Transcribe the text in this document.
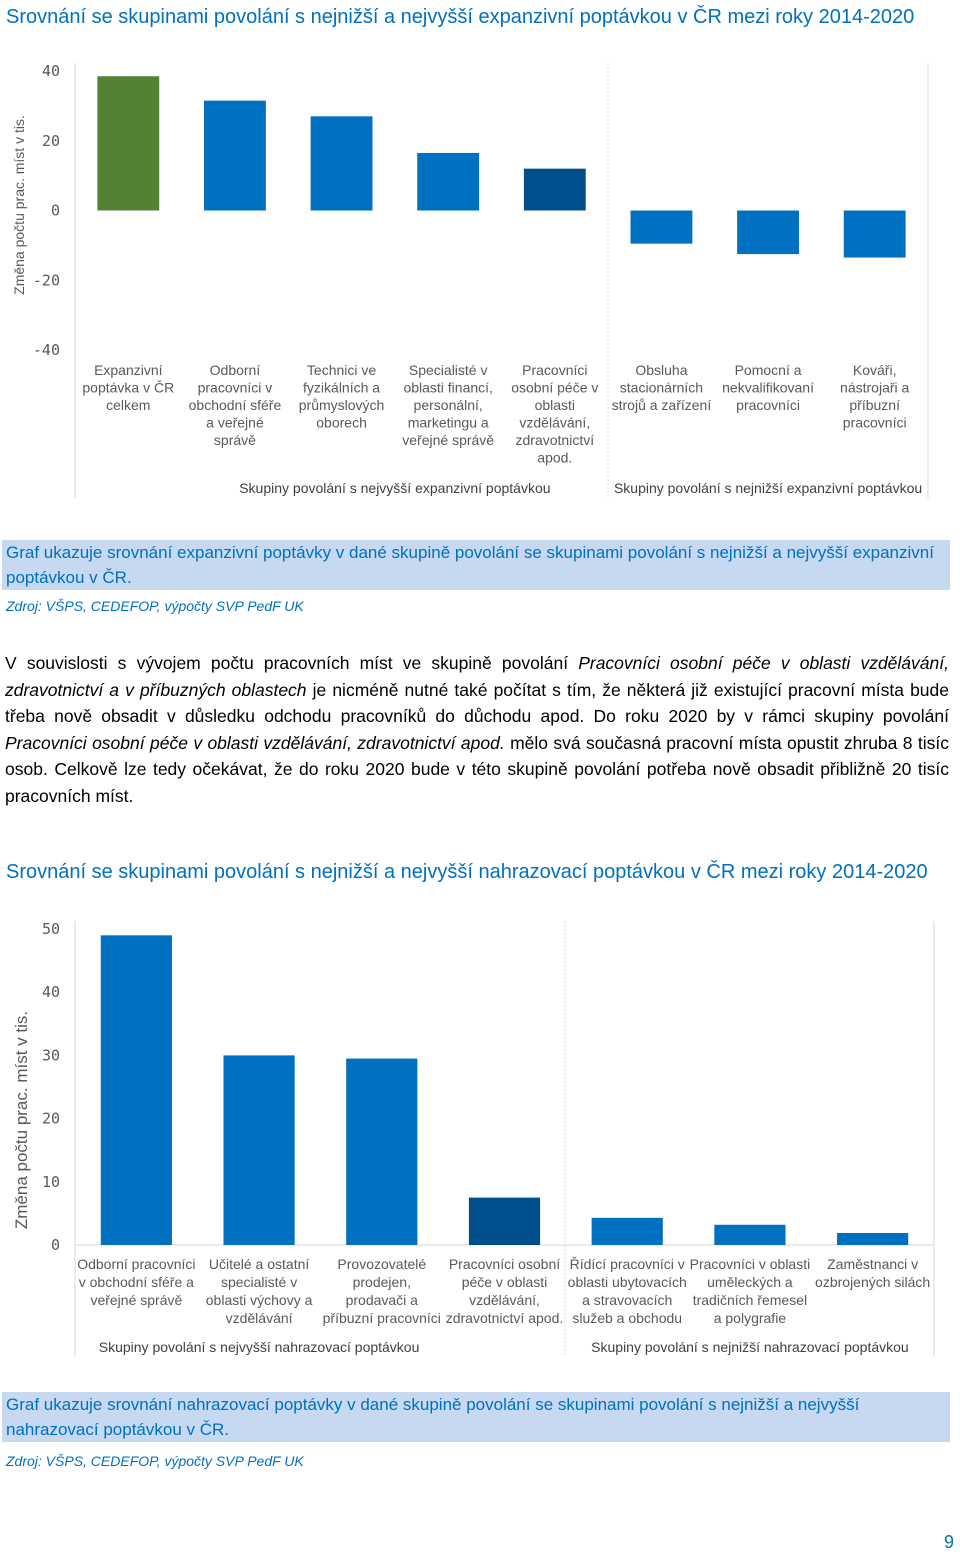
Srovnání se skupinami povolání s nejnižší a nejvyšší expanzivní poptávkou v ČR mezi roky 2014-2020
40
20
0
-20
-40
Expanzivní poptávka v ČR celkem
Odborní pracovníci v obchodní sféře a veřejné správě
Technici ve fyzikálních a průmyslových oborech
Specialisté v oblasti financí, personální, marketingu a veřejné správě
Pracovníci osobní péče v oblasti vzdělávání, zdravotnictví apod.
Obsluha stacionárních strojů a zařízení
Pomocní a nekvalifikovaní pracovníci
Kováři, nástrojaři a příbuzní pracovníci
Skupiny povolání s nejvyšší expanzivní poptávkou	Skupiny povolání s nejnižší expanzivní poptávkou
Změna počtu prac. míst v tis.
Graf ukazuje srovnání expanzivní poptávky v dané skupině povolání se skupinami povolání s nejnižší a nejvyšší expanzivní poptávkou v ČR.
Zdroj: VŠPS, CEDEFOP, výpočty SVP PedF UK
V souvislosti s vývojem počtu pracovních míst ve skupině povolání Pracovníci osobní péče v oblasti vzdělávání, zdravotnictví a v příbuzných oblastech je nicméně nutné také počítat s tím, že některá již existující pracovní místa bude třeba nově obsadit v důsledku odchodu pracovníků do důchodu apod. Do roku 2020 by v rámci skupiny povolání Pracovníci osobní péče v oblasti vzdělávání, zdravotnictví apod. mělo svá současná pracovní místa opustit zhruba 8 tisíc osob. Celkově lze tedy očekávat, že do roku 2020 bude v této skupině povolání potřeba nově obsadit přibližně 20 tisíc pracovních míst.
Srovnání se skupinami povolání s nejnižší a nejvyšší nahrazovací poptávkou v ČR mezi roky 2014-2020
50
40
30
20
10
0
Odborní pracovníci v obchodní sféře a veřejné správě
Učitelé a ostatní specialisté v oblasti výchovy a vzdělávání
Provozovatelé prodejen, prodavači a příbuzní pracovníci
Pracovníci osobní péče v oblasti vzdělávání, zdravotnictví apod.
Řídící pracovníci v oblasti ubytovacích a stravovacích služeb a obchodu
Pracovníci v oblasti uměleckých a tradičních řemesel a polygrafie
Zaměstnanci v ozbrojených silách
Skupiny povolání s nejvyšší nahrazovací poptávkou	Skupiny povolání s nejnižší nahrazovací poptávkou
Změna počtu prac. míst v tis.
Graf ukazuje srovnání nahrazovací poptávky v dané skupině povolání se skupinami povolání s nejnižší a nejvyšší nahrazovací poptávkou v ČR.
Zdroj: VŠPS, CEDEFOP, výpočty SVP PedF UK
9
